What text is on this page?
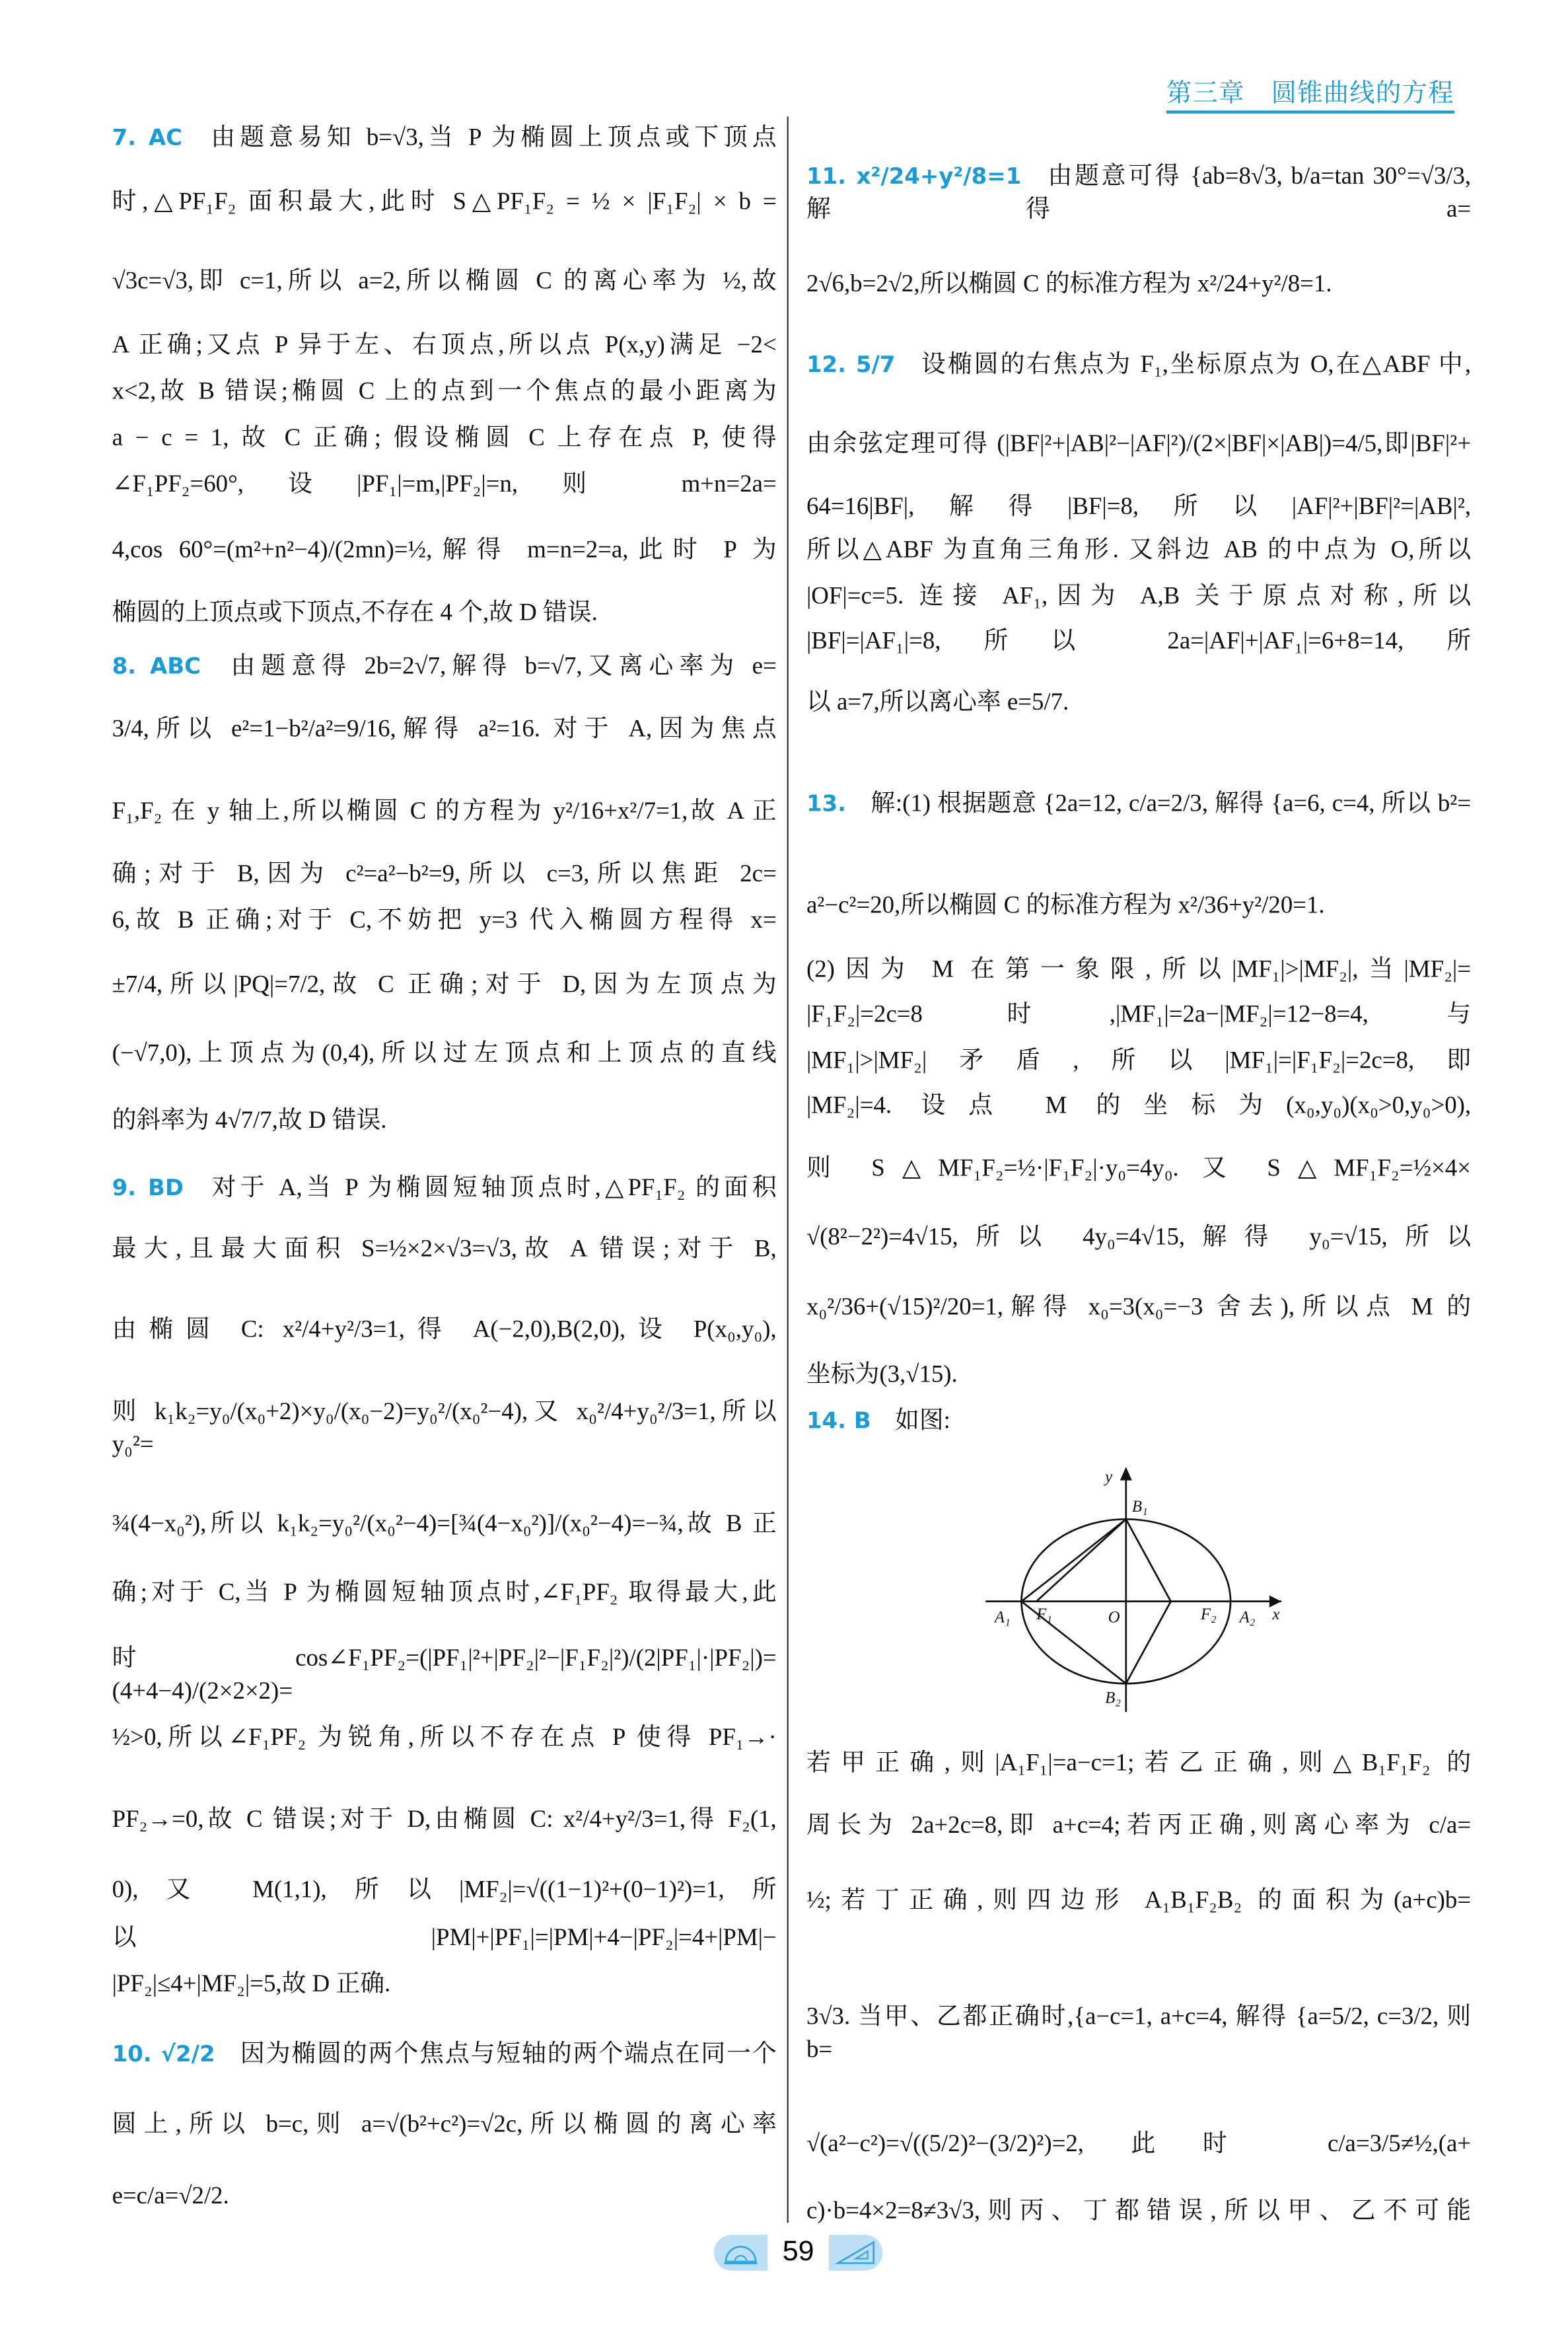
第三章 圆锥曲线的方程
7. AC	由题意易知 b=√3,当 P 为椭圆上顶点或下顶点
时,△PF₁F₂ 面积最大,此时 S△PF₁F₂ = ½ × |F₁F₂| × b =
√3c=√3,即 c=1,所以 a=2,所以椭圆 C 的离心率为 ½,故
A 正确;又点 P 异于左、右顶点,所以点 P(x,y)满足 −2<
x<2,故 B 错误;椭圆 C 上的点到一个焦点的最小距离为
a − c = 1, 故 C 正确; 假设椭圆 C 上存在点 P, 使得
∠F₁PF₂=60°,设|PF₁|=m,|PF₂|=n,则 m+n=2a=
4,cos 60°=(m²+n²−4)/(2mn)=½,解得 m=n=2=a,此时 P 为
椭圆的上顶点或下顶点,不存在 4 个,故 D 错误.
8. ABC	由题意得 2b=2√7,解得 b=√7,又离心率为 e=
3/4,所以 e²=1−b²/a²=9/16,解得 a²=16. 对于 A,因为焦点
F₁,F₂ 在 y 轴上,所以椭圆 C 的方程为 y²/16+x²/7=1,故 A 正
确;对于 B,因为 c²=a²−b²=9,所以 c=3,所以焦距 2c=
6,故 B 正确;对于 C,不妨把 y=3 代入椭圆方程得 x=
±7/4,所以|PQ|=7/2,故 C 正确;对于 D,因为左顶点为
(−√7,0),上顶点为(0,4),所以过左顶点和上顶点的直线
的斜率为 4√7/7,故 D 错误.
9. BD	对于 A,当 P 为椭圆短轴顶点时,△PF₁F₂ 的面积
最大,且最大面积 S=½×2×√3=√3,故 A 错误;对于 B,
由椭圆 C: x²/4+y²/3=1,得 A(−2,0),B(2,0),设 P(x₀,y₀),
则 k₁k₂=y₀/(x₀+2)×y₀/(x₀−2)=y₀²/(x₀²−4),又 x₀²/4+y₀²/3=1,所以 y₀²=
¾(4−x₀²),所以 k₁k₂=y₀²/(x₀²−4)=[¾(4−x₀²)]/(x₀²−4)=−¾,故 B 正
确;对于 C,当 P 为椭圆短轴顶点时,∠F₁PF₂ 取得最大,此
时cos∠F₁PF₂=(|PF₁|²+|PF₂|²−|F₁F₂|²)/(2|PF₁|·|PF₂|)=(4+4−4)/(2×2×2)=
½>0,所以∠F₁PF₂ 为锐角,所以不存在点 P 使得 PF₁→·
PF₂→=0,故 C 错误;对于 D,由椭圆 C: x²/4+y²/3=1,得 F₂(1,
0),又 M(1,1),所以|MF₂|=√((1−1)²+(0−1)²)=1,所
以|PM|+|PF₁|=|PM|+4−|PF₂|=4+|PM|−
|PF₂|≤4+|MF₂|=5,故 D 正确.
10. √2/2 因为椭圆的两个焦点与短轴的两个端点在同一个
圆上,所以 b=c,则 a=√(b²+c²)=√2c,所以椭圆的离心率
e=c/a=√2/2.
11. x²/24+y²/8=1 由题意可得 {ab=8√3, b/a=tan 30°=√3/3, 解得 a=
2√6,b=2√2,所以椭圆 C 的标准方程为 x²/24+y²/8=1.
12. 5/7 设椭圆的右焦点为 F₁,坐标原点为 O,在△ABF 中,
由余弦定理可得 (|BF|²+|AB|²−|AF|²)/(2×|BF|×|AB|)=4/5,即|BF|²+
64=16|BF|,解得|BF|=8,所以|AF|²+|BF|²=|AB|²,
所以△ABF 为直角三角形. 又斜边 AB 的中点为 O,所以
|OF|=c=5. 连接 AF₁,因为 A,B 关于原点对称,所以
|BF|=|AF₁|=8,所以 2a=|AF|+|AF₁|=6+8=14,所
以 a=7,所以离心率 e=5/7.
13. 解:(1) 根据题意 {2a=12, c/a=2/3, 解得 {a=6, c=4, 所以 b²=
a²−c²=20,所以椭圆 C 的标准方程为 x²/36+y²/20=1.
(2)因为 M 在第一象限,所以|MF₁|>|MF₂|,当|MF₂|=
|F₁F₂|=2c=8 时,|MF₁|=2a−|MF₂|=12−8=4,与
|MF₁|>|MF₂|矛盾,所以|MF₁|=|F₁F₂|=2c=8,即
|MF₂|=4. 设点 M 的坐标为(x₀,y₀)(x₀>0,y₀>0),
则 S△MF₁F₂=½·|F₁F₂|·y₀=4y₀. 又 S△MF₁F₂=½×4×
√(8²−2²)=4√15,所以 4y₀=4√15,解得 y₀=√15,所以
x₀²/36+(√15)²/20=1,解得 x₀=3(x₀=−3 舍去),所以点 M 的
坐标为(3,√15).
14. B 如图:
若甲正确,则|A₁F₁|=a−c=1;若乙正确,则△B₁F₁F₂ 的
周长为 2a+2c=8,即 a+c=4;若丙正确,则离心率为 c/a=
½;若丁正确,则四边形 A₁B₁F₂B₂ 的面积为(a+c)b=
3√3. 当甲、乙都正确时,{a−c=1, a+c=4, 解得 {a=5/2, c=3/2, 则 b=
√(a²−c²)=√((5/2)²−(3/2)²)=2,此时 c/a=3/5≠½,(a+
c)·b=4×2=8≠3√3,则丙、丁都错误,所以甲、乙不可能
y
x
O
A₁	A₂
B₁
B₂
F₁	F₂
59
